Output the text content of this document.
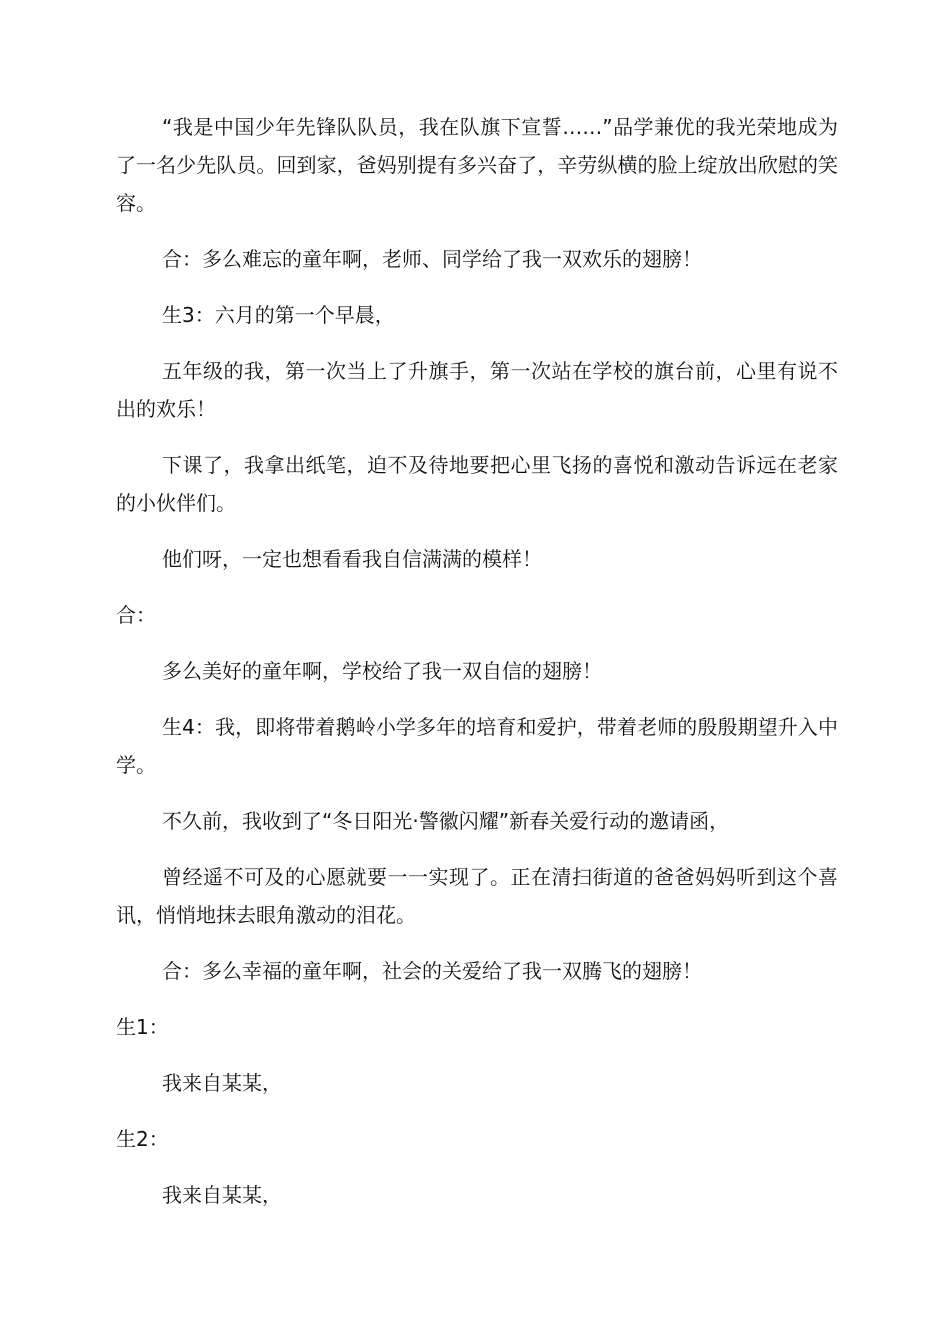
“我是中国少年先锋队队员，我在队旗下宣誓……”品学兼优的我光荣地成为了一名少先队员。回到家，爸妈别提有多兴奋了，辛劳纵横的脸上绽放出欣慰的笑容。

合：多么难忘的童年啊，老师、同学给了我一双欢乐的翅膀！

生3：六月的第一个早晨，

五年级的我，第一次当上了升旗手，第一次站在学校的旗台前，心里有说不出的欢乐！

下课了，我拿出纸笔，迫不及待地要把心里飞扬的喜悦和激动告诉远在老家的小伙伴们。

他们呀，一定也想看看我自信满满的模样！

合：

多么美好的童年啊，学校给了我一双自信的翅膀！

生4：我，即将带着鹅岭小学多年的培育和爱护，带着老师的殷殷期望升入中学。

不久前，我收到了“冬日阳光·警徽闪耀”新春关爱行动的邀请函，

曾经遥不可及的心愿就要一一实现了。正在清扫街道的爸爸妈妈听到这个喜讯，悄悄地抹去眼角激动的泪花。

合：多么幸福的童年啊，社会的关爱给了我一双腾飞的翅膀！

生1：

我来自某某，

生2：

我来自某某，
